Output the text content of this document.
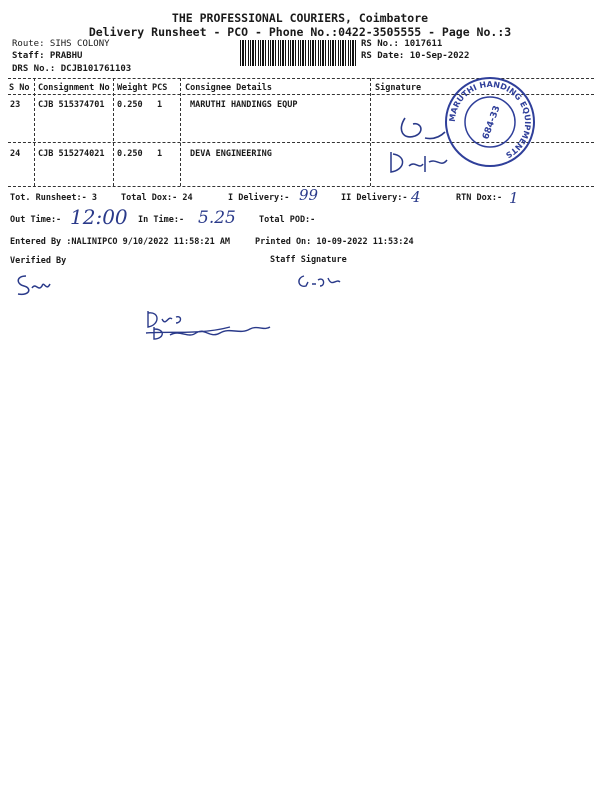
THE PROFESSIONAL COURIERS, Coimbatore
Delivery Runsheet - PCO - Phone No.:0422-3505555 - Page No.:3
Route: SIHS COLONY
Staff: PRABHU
DRS No.: DCJB101761103
RS No.: 1017611
RS Date: 10-Sep-2022
S No Consignment No Weight PCS Consignee Details	Signature
23 CJB 515374701 0.250 1	MARUTHI HANDINGS EQUP
24 CJB 515274021 0.250 1	DEVA ENGINEERING
MARUTHI HANDING EQUIPMENTS
684-33
Tot. Runsheet:- 3	Total Dox:- 24	I Delivery:- 99	II Delivery:- 4	RTN Dox:- 1
Out Time:- 12:00 In Time:- 5.25	Total POD:-
Entered By :NALINIPCO 9/10/2022 11:58:21 AM	Printed On: 10-09-2022 11:53:24
Verified By	Staff Signature
